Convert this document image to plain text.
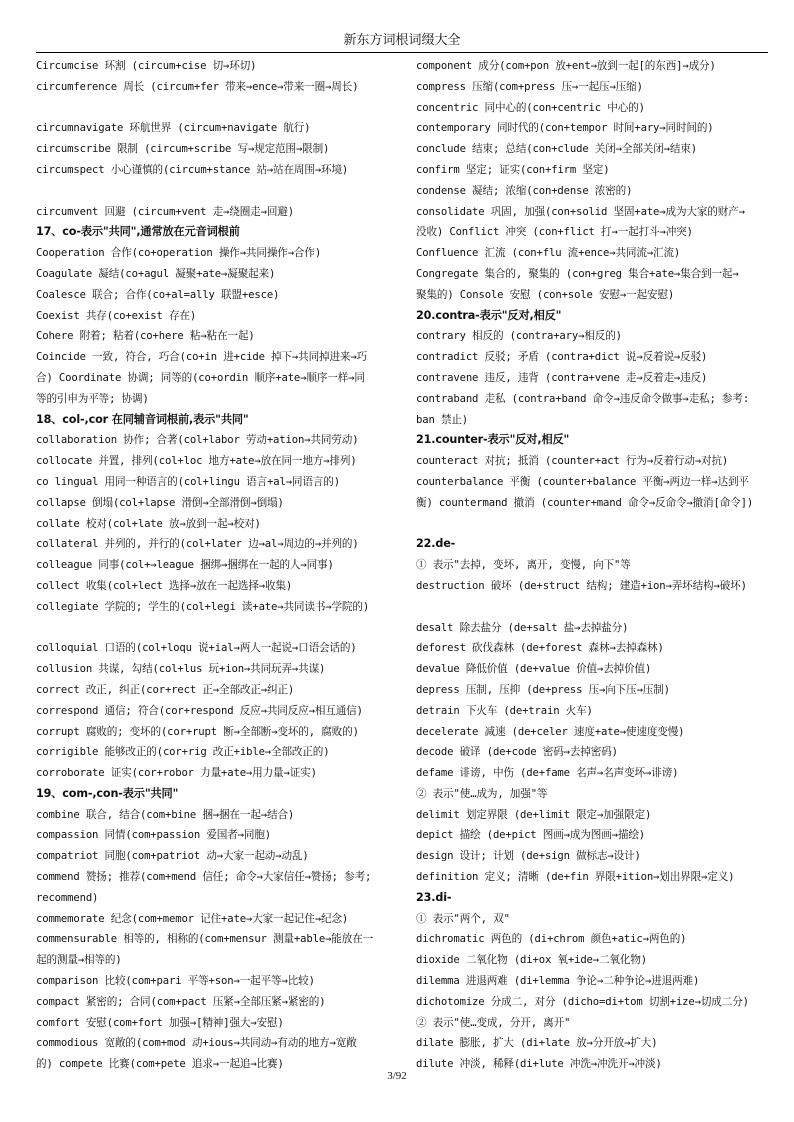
新东方词根词缀大全
Circumcise 环割 (circum+cise 切→环切)
circumference 周长 (circum+fer 带来→ence→带来一圈→周长)
circumnavigate 环航世界 (circum+navigate 航行)
circumscribe 限制 (circum+scribe 写→规定范围→限制)
circumspect 小心谨慎的(circum+stance 站→站在周围→环境)
circumvent 回避 (circum+vent 走→绕圈走→回避)
17、co-表示"共同",通常放在元音词根前
Cooperation 合作(co+operation 操作→共同操作→合作)
Coagulate 凝结(co+agul 凝聚+ate→凝聚起来)
Coalesce 联合; 合作(co+al=ally 联盟+esce)
Coexist 共存(co+exist 存在)
Cohere 附着; 粘着(co+here 粘→粘在一起)
Coincide 一致, 符合, 巧合(co+in 进+cide 掉下→共同掉进来→巧
合) Coordinate 协调; 同等的(co+ordin 顺序+ate→顺序一样→同
等的引申为平等; 协调)
18、col-,cor 在同辅音词根前,表示"共同"
collaboration 协作; 合著(col+labor 劳动+ation→共同劳动)
collocate 并置, 排列(col+loc 地方+ate→放在同一地方→排列)
co lingual 用同一种语言的(col+lingu 语言+al→同语言的)
collapse 倒塌(col+lapse 滑倒→全部滑倒→倒塌)
collate 校对(col+late 放→放到一起→校对)
collateral 并列的, 并行的(col+later 边→al→周边的→并列的)
colleague 同事(col+→league 捆绑→捆绑在一起的人→同事)
collect 收集(col+lect 选择→放在一起选择→收集)
collegiate 学院的; 学生的(col+legi 读+ate→共同读书→学院的)
colloquial 口语的(col+loqu 说+ial→两人一起说→口语会话的)
collusion 共谋, 勾结(col+lus 玩+ion→共同玩弄→共谋)
correct 改正, 纠正(cor+rect 正→全部改正→纠正)
correspond 通信; 符合(cor+respond 反应→共同反应→相互通信)
corrupt 腐败的; 变坏的(cor+rupt 断→全部断→变坏的, 腐败的)
corrigible 能够改正的(cor+rig 改正+ible→全部改正的)
corroborate 证实(cor+robor 力量+ate→用力量→证实)
19、com-,con-表示"共同"
combine 联合, 结合(com+bine 捆→捆在一起→结合)
compassion 同情(com+passion 爱国者→同胞)
compatriot 同胞(com+patriot 动→大家一起动→动乱)
commend 赞扬; 推荐(com+mend 信任; 命令→大家信任→赞扬; 参考;
recommend)
commemorate 纪念(com+memor 记住+ate→大家一起记住→纪念)
commensurable 相等的, 相称的(com+mensur 测量+able→能放在一
起的测量→相等的)
comparison 比较(com+pari 平等+son→一起平等→比较)
compact 紧密的; 合同(com+pact 压紧→全部压紧→紧密的)
comfort 安慰(com+fort 加强→[精神]强大→安慰)
commodious 宽敞的(com+mod 动+ious→共同动→有动的地方→宽敞
的) compete 比赛(com+pete 追求→一起追→比赛)
component 成分(com+pon 放+ent→放到一起[的东西]→成分)
compress 压缩(com+press 压→一起压→压缩)
concentric 同中心的(con+centric 中心的)
contemporary 同时代的(con+tempor 时间+ary→同时间的)
conclude 结束; 总结(con+clude 关闭→全部关闭→结束)
confirm 坚定; 证实(con+firm 坚定)
condense 凝结; 浓缩(con+dense 浓密的)
consolidate 巩固, 加强(con+solid 坚固+ate→成为大家的财产→
没收) Conflict 冲突 (con+flict 打→一起打斗→冲突)
Confluence 汇流 (con+flu 流+ence→共同流→汇流)
Congregate 集合的, 聚集的 (con+greg 集合+ate→集合到一起→
聚集的) Console 安慰 (con+sole 安慰→一起安慰)
20.contra-表示"反对,相反"
contrary 相反的 (contra+ary→相反的)
contradict 反驳; 矛盾 (contra+dict 说→反着说→反驳)
contravene 违反, 违背 (contra+vene 走→反着走→违反)
contraband 走私 (contra+band 命令→违反命令做事→走私; 参考:
ban 禁止)
21.counter-表示"反对,相反"
counteract 对抗; 抵消 (counter+act 行为→反着行动→对抗)
counterbalance 平衡 (counter+balance 平衡→两边一样→达到平
衡) countermand 撤消 (counter+mand 命令→反命令→撤消[命令])
22.de-
① 表示"去掉, 变坏, 离开, 变慢, 向下"等
destruction 破坏 (de+struct 结构; 建造+ion→弄坏结构→破坏)
desalt 除去盐分 (de+salt 盐→去掉盐分)
deforest 砍伐森林 (de+forest 森林→去掉森林)
devalue 降低价值 (de+value 价值→去掉价值)
depress 压制, 压抑 (de+press 压→向下压→压制)
detrain 下火车 (de+train 火车)
decelerate 减速 (de+celer 速度+ate→使速度变慢)
decode 破译 (de+code 密码→去掉密码)
defame 诽谤, 中伤 (de+fame 名声→名声变坏→诽谤)
② 表示"使…成为, 加强"等
delimit 划定界限 (de+limit 限定→加强限定)
depict 描绘 (de+pict 图画→成为图画→描绘)
design 设计; 计划 (de+sign 做标志→设计)
definition 定义; 清晰 (de+fin 界限+ition→划出界限→定义)
23.di-
① 表示"两个, 双"
dichromatic 两色的 (di+chrom 颜色+atic→两色的)
dioxide 二氧化物 (di+ox 氧+ide→二氧化物)
dilemma 进退两难 (di+lemma 争论→二种争论→进退两难)
dichotomize 分成二, 对分 (dicho=di+tom 切割+ize→切成二分)
② 表示"使…变成, 分开, 离开"
dilate 膨胀, 扩大 (di+late 放→分开放→扩大)
dilute 冲淡, 稀释(di+lute 冲洗→冲洗开→冲淡)
3/92
